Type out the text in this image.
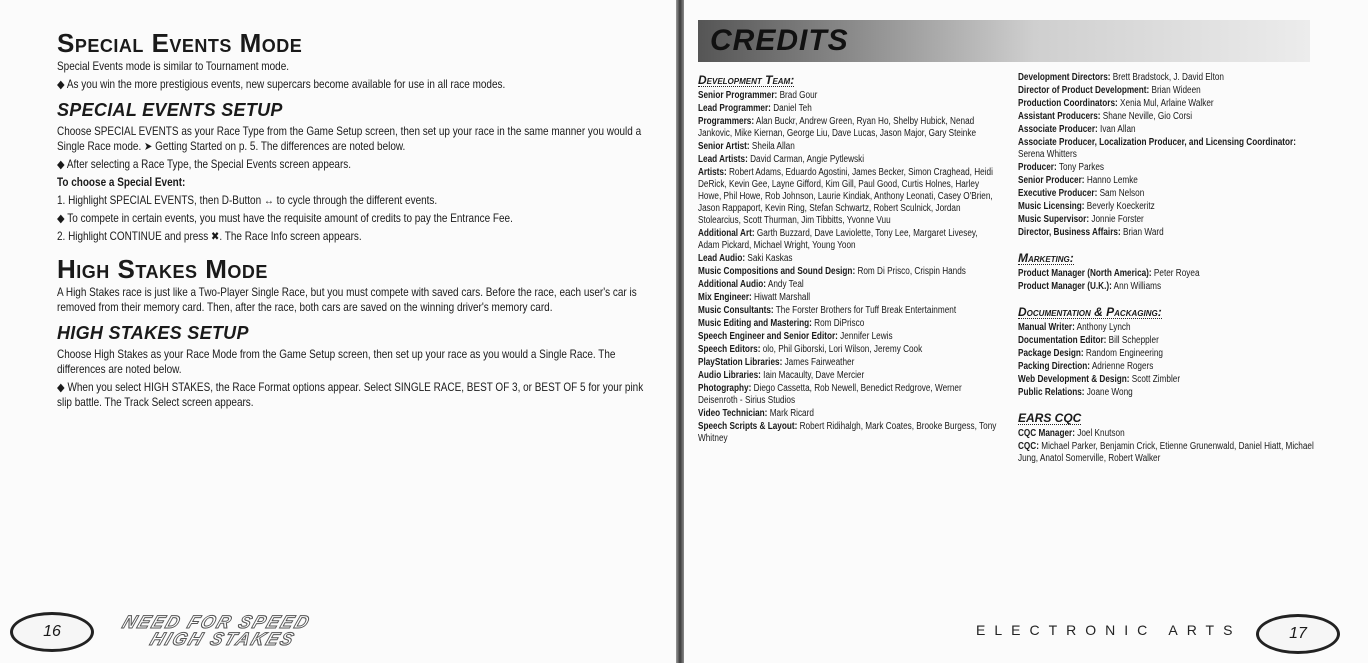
Special Events Mode

Special Events mode is similar to Tournament mode.

◆ As you win the more prestigious events, new supercars become available for use in all race modes.

SPECIAL EVENTS SETUP

Choose SPECIAL EVENTS as your Race Type from the Game Setup screen, then set up your race in the same manner you would a Single Race mode. ➤ Getting Started on p. 5. The differences are noted below.

◆ After selecting a Race Type, the Special Events screen appears.

To choose a Special Event:

1. Highlight SPECIAL EVENTS, then D-Button ↔ to cycle through the different events.

◆ To compete in certain events, you must have the requisite amount of credits to pay the Entrance Fee.

2. Highlight CONTINUE and press ✖. The Race Info screen appears.

High Stakes Mode

A High Stakes race is just like a Two-Player Single Race, but you must compete with saved cars. Before the race, each user's car is removed from their memory card. Then, after the race, both cars are saved on the winning driver's memory card.

HIGH STAKES SETUP

Choose High Stakes as your Race Mode from the Game Setup screen, then set up your race as you would a Single Race. The differences are noted below.

◆ When you select HIGH STAKES, the Race Format options appear. Select SINGLE RACE, BEST OF 3, or BEST OF 5 for your pink slip battle. The Track Select screen appears.

16	NEED FOR SPEED
HIGH STAKES
CREDITS
Development Team:
Senior Programmer: Brad Gour
Lead Programmer: Daniel Teh
Programmers: Alan Buckr, Andrew Green, Ryan Ho, Shelby Hubick, Nenad Jankovic, Mike Kiernan, George Liu, Dave Lucas, Jason Major, Gary Steinke
Senior Artist: Sheila Allan
Lead Artists: David Carman, Angie Pytlewski
Artists: Robert Adams, Eduardo Agostini, James Becker, Simon Craghead, Heidi DeRick, Kevin Gee, Layne Gifford, Kim Gill, Paul Good, Curtis Holnes, Harley Howe, Phil Howe, Rob Johnson, Laurie Kindiak, Anthony Leonati, Casey O'Brien, Jason Rappaport, Kevin Ring, Stefan Schwartz, Robert Sculnick, Jordan Stolearcius, Scott Thurman, Jim Tibbitts, Yvonne Vuu
Additional Art: Garth Buzzard, Dave Laviolette, Tony Lee, Margaret Livesey, Adam Pickard, Michael Wright, Young Yoon
Lead Audio: Saki Kaskas
Music Compositions and Sound Design: Rom Di Prisco, Crispin Hands
Additional Audio: Andy Teal
Mix Engineer: Hiwatt Marshall
Music Consultants: The Forster Brothers for Tuff Break Entertainment
Music Editing and Mastering: Rom DiPrisco
Speech Engineer and Senior Editor: Jennifer Lewis
Speech Editors: olo, Phil Giborski, Lori Wilson, Jeremy Cook
PlayStation Libraries: James Fairweather
Audio Libraries: Iain Macaulty, Dave Mercier
Photography: Diego Cassetta, Rob Newell, Benedict Redgrove, Werner Deisenroth - Sirius Studios
Video Technician: Mark Ricard
Speech Scripts & Layout: Robert Ridihalgh, Mark Coates, Brooke Burgess, Tony Whitney
Development Directors: Brett Bradstock, J. David Elton
Director of Product Development: Brian Wideen
Production Coordinators: Xenia Mul, Arlaine Walker
Assistant Producers: Shane Neville, Gio Corsi
Associate Producer: Ivan Allan
Associate Producer, Localization Producer, and Licensing Coordinator: Serena Whitters
Producer: Tony Parkes
Senior Producer: Hanno Lemke
Executive Producer: Sam Nelson
Music Licensing: Beverly Koeckeritz
Music Supervisor: Jonnie Forster
Director, Business Affairs: Brian Ward
Marketing:
Product Manager (North America): Peter Royea
Product Manager (U.K.): Ann Williams
Documentation & Packaging:
Manual Writer: Anthony Lynch
Documentation Editor: Bill Scheppler
Package Design: Random Engineering
Packing Direction: Adrienne Rogers
Web Development & Design: Scott Zimbler
Public Relations: Joane Wong
EARS CQC
CQC Manager: Joel Knutson
CQC: Michael Parker, Benjamin Crick, Etienne Grunenwald, Daniel Hiatt, Michael Jung, Anatol Somerville, Robert Walker
ELECTRONIC ARTS	17
